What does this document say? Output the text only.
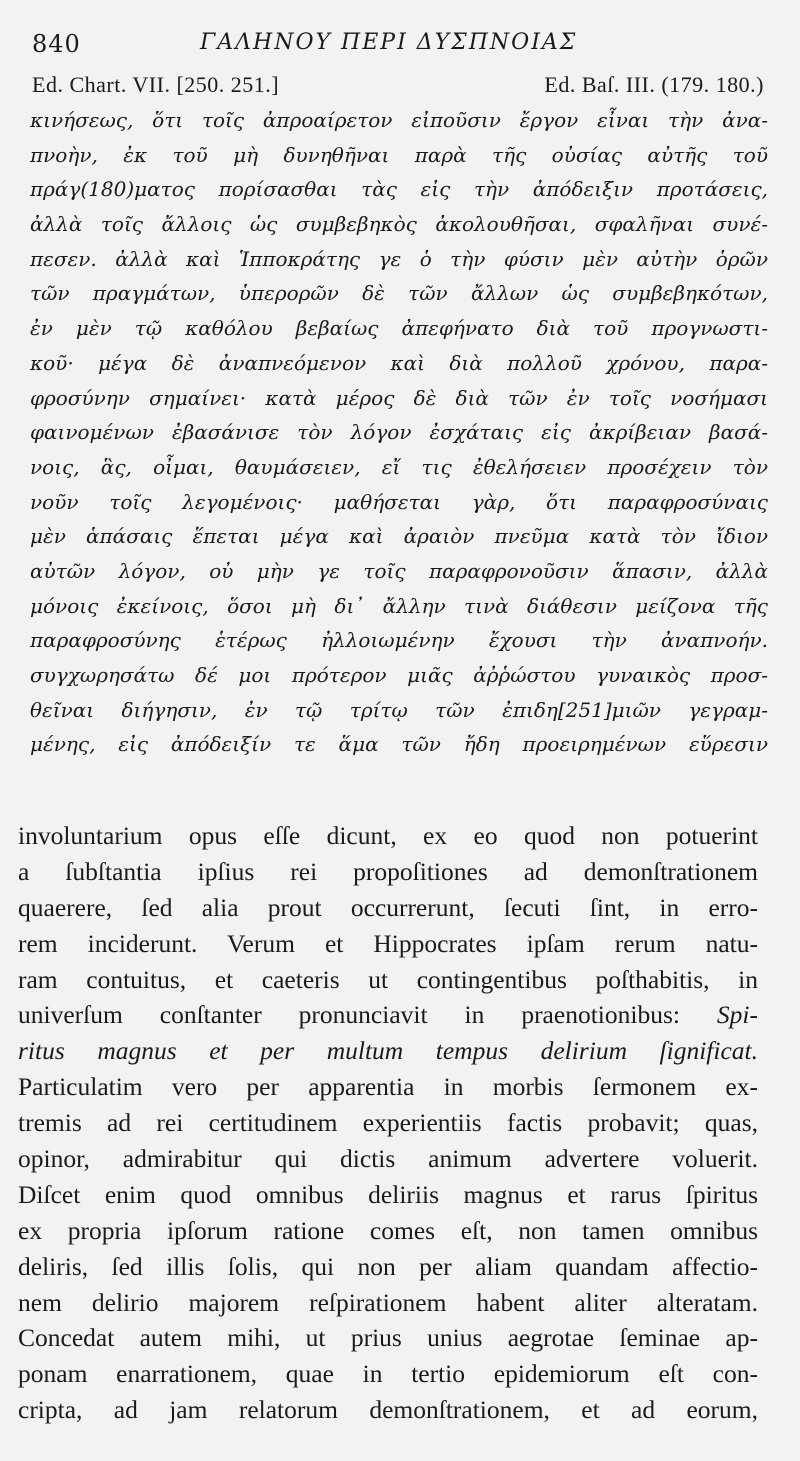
840	ΓΑΛΗΝΟΥ ΠΕΡΙ ΔΥΣΠΝΟΙΑΣ
Ed. Chart. VII. [250. 251.]	Ed. Baſ. III. (179. 180.)
κινήσεως, ὅτι τοῖς ἀπροαίρετον εἰποῦσιν ἔργον εἶναι τὴν ἀνα-
πνοὴν, ἐκ τοῦ μὴ δυνηθῆναι παρὰ τῆς οὐσίας αὐτῆς τοῦ
πράγ(180)ματος πορίσασθαι τὰς εἰς τὴν ἀπόδειξιν προτάσεις,
ἀλλὰ τοῖς ἄλλοις ὡς συμβεβηκὸς ἀκολουθῆσαι, σφαλῆναι συνέ-
πεσεν. ἀλλὰ καὶ Ἱπποκράτης γε ὁ τὴν φύσιν μὲν αὐτὴν ὁρῶν
τῶν πραγμάτων, ὑπερορῶν δὲ τῶν ἄλλων ὡς συμβεβηκότων,
ἐν μὲν τῷ καθόλου βεβαίως ἀπεφήνατο διὰ τοῦ προγνωστι-
κοῦ· μέγα δὲ ἀναπνεόμενον καὶ διὰ πολλοῦ χρόνου, παρα-
φροσύνην σημαίνει· κατὰ μέρος δὲ διὰ τῶν ἐν τοῖς νοσήμασι
φαινομένων ἐβασάνισε τὸν λόγον ἐσχάταις εἰς ἀκρίβειαν βασά-
νοις, ἃς, οἶμαι, θαυμάσειεν, εἴ τις ἐθελήσειεν προσέχειν τὸν
νοῦν τοῖς λεγομένοις· μαθήσεται γὰρ, ὅτι παραφροσύναις
μὲν ἁπάσαις ἕπεται μέγα καὶ ἀραιὸν πνεῦμα κατὰ τὸν ἴδιον
αὐτῶν λόγον, οὐ μὴν γε τοῖς παραφρονοῦσιν ἅπασιν, ἀλλὰ
μόνοις ἐκείνοις, ὅσοι μὴ δι᾽ ἄλλην τινὰ διάθεσιν μείζονα τῆς
παραφροσύνης ἑτέρως ἠλλοιωμένην ἔχουσι τὴν ἀναπνοήν.
συγχωρησάτω δέ μοι πρότερον μιᾶς ἀῤῥώστου γυναικὸς προσ-
θεῖναι διήγησιν, ἐν τῷ τρίτῳ τῶν ἐπιδη[251]μιῶν γεγραμ-
μένης, εἰς ἀπόδειξίν τε ἅμα τῶν ἤδη προειρημένων εὕρεσιν
involuntarium opus eſſe dicunt, ex eo quod non potuerint
a ſubſtantia ipſius rei propoſitiones ad demonſtrationem
quaerere, ſed alia prout occurrerunt, ſecuti ſint, in erro-
rem inciderunt. Verum et Hippocrates ipſam rerum natu-
ram contuitus, et caeteris ut contingentibus poſthabitis, in
univerſum conſtanter pronunciavit in praenotionibus: Spi-
ritus magnus et per multum tempus delirium ſignificat.
Particulatim vero per apparentia in morbis ſermonem ex-
tremis ad rei certitudinem experientiis factis probavit; quas,
opinor, admirabitur qui dictis animum advertere voluerit.
Diſcet enim quod omnibus deliriis magnus et rarus ſpiritus
ex propria ipſorum ratione comes eſt, non tamen omnibus
deliris, ſed illis ſolis, qui non per aliam quandam affectio-
nem delirio majorem reſpirationem habent aliter alteratam.
Concedat autem mihi, ut prius unius aegrotae ſeminae ap-
ponam enarrationem, quae in tertio epidemiorum eſt con-
cripta, ad jam relatorum demonſtrationem, et ad eorum,
